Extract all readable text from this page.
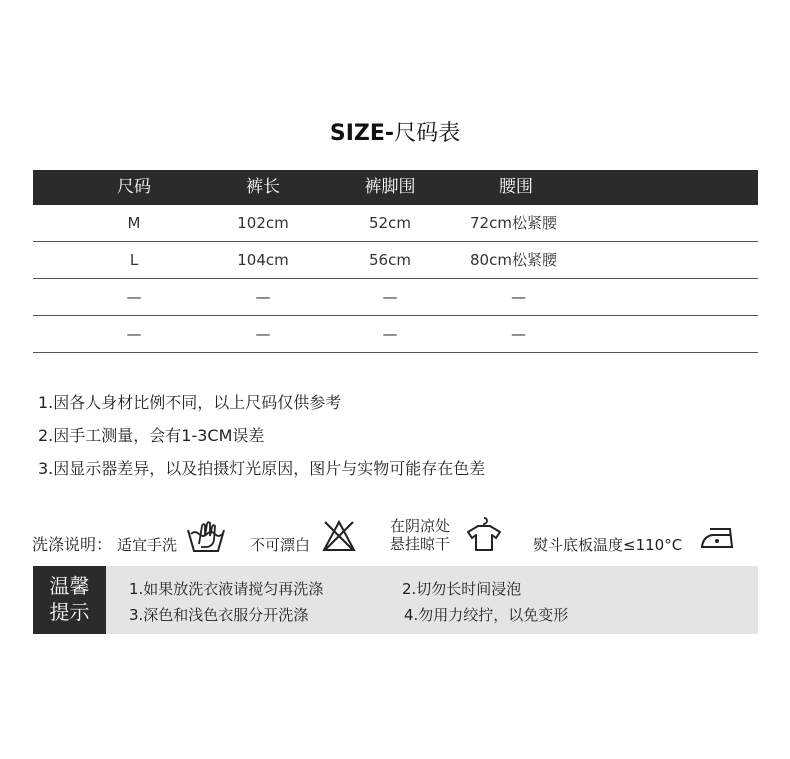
SIZE-尺码表
尺码	裤长	裤脚围	腰围
M	102cm	52cm	72cm松紧腰
L	104cm	56cm	80cm松紧腰
—	—	—	—
—	—	—	—
1.因各人身材比例不同，以上尺码仅供参考
2.因手工测量，会有1-3CM误差
3.因显示器差异，以及拍摄灯光原因，图片与实物可能存在色差
洗涤说明： 适宜手洗	不可漂白
在阴凉处
悬挂晾干	熨斗底板温度≤110°C
温馨
提示
1.如果放洗衣液请搅匀再洗涤	2.切勿长时间浸泡
3.深色和浅色衣服分开洗涤	4.勿用力绞拧，以免变形
